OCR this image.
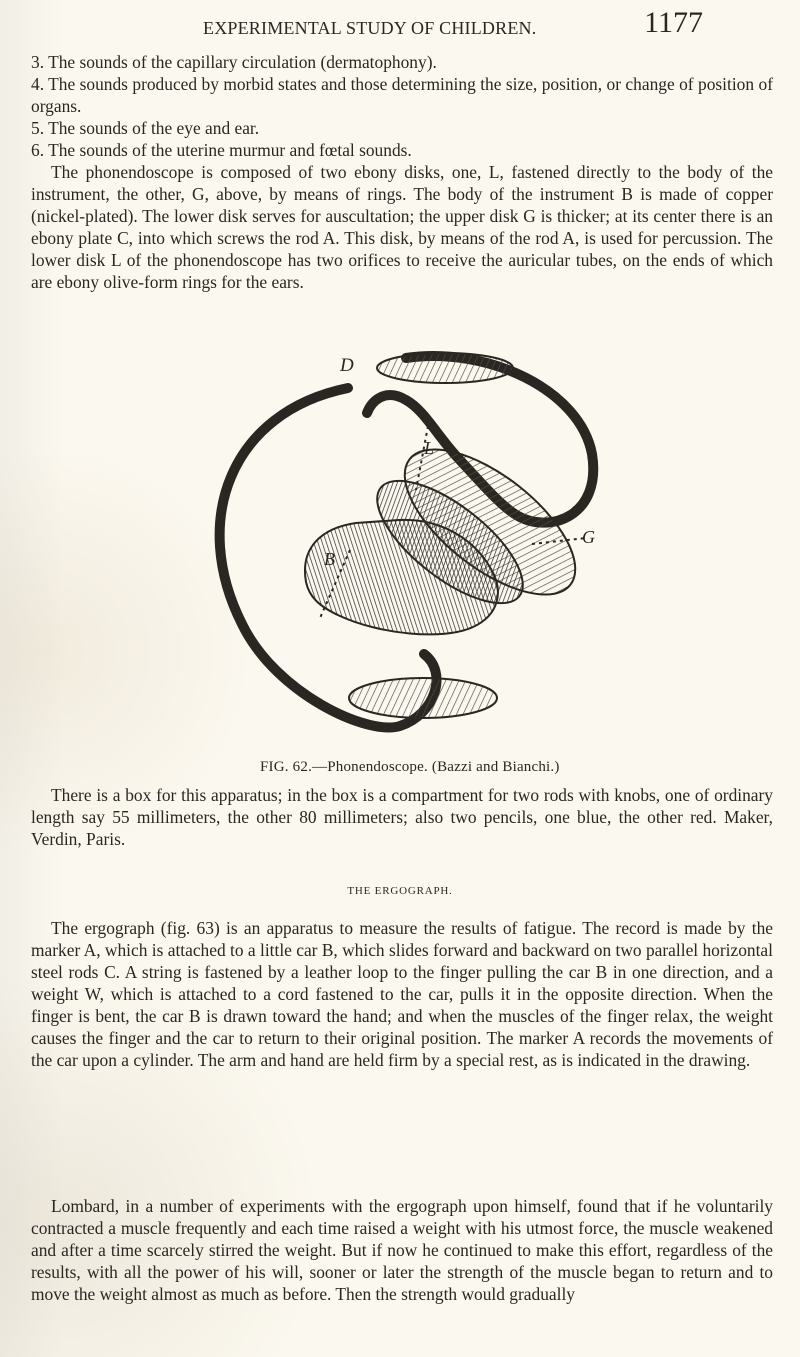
EXPERIMENTAL STUDY OF CHILDREN.	1177
3. The sounds of the capillary circulation (dermatophony).
4. The sounds produced by morbid states and those determining the size, position, or change of position of organs.
5. The sounds of the eye and ear.
6. The sounds of the uterine murmur and fœtal sounds.
The phonendoscope is composed of two ebony disks, one, L, fastened directly to the body of the instrument, the other, G, above, by means of rings. The body of the instrument B is made of copper (nickel-plated). The lower disk serves for auscultation; the upper disk G is thicker; at its center there is an ebony plate C, into which screws the rod A. This disk, by means of the rod A, is used for percussion. The lower disk L of the phonendoscope has two orifices to receive the auricular tubes, on the ends of which are ebony olive-form rings for the ears.
D
L
G
B
FIG. 62.—Phonendoscope. (Bazzi and Bianchi.)
There is a box for this apparatus; in the box is a compartment for two rods with knobs, one of ordinary length say 55 millimeters, the other 80 millimeters; also two pencils, one blue, the other red. Maker, Verdin, Paris.
THE ERGOGRAPH.
The ergograph (fig. 63) is an apparatus to measure the results of fatigue. The record is made by the marker A, which is attached to a little car B, which slides forward and backward on two parallel horizontal steel rods C. A string is fastened by a leather loop to the finger pulling the car B in one direction, and a weight W, which is attached to a cord fastened to the car, pulls it in the opposite direction. When the finger is bent, the car B is drawn toward the hand; and when the muscles of the finger relax, the weight causes the finger and the car to return to their original position. The marker A records the movements of the car upon a cylinder. The arm and hand are held firm by a special rest, as is indicated in the drawing.
Lombard, in a number of experiments with the ergograph upon himself, found that if he voluntarily contracted a muscle frequently and each time raised a weight with his utmost force, the muscle weakened and after a time scarcely stirred the weight. But if now he continued to make this effort, regardless of the results, with all the power of his will, sooner or later the strength of the muscle began to return and to move the weight almost as much as before. Then the strength would gradually
